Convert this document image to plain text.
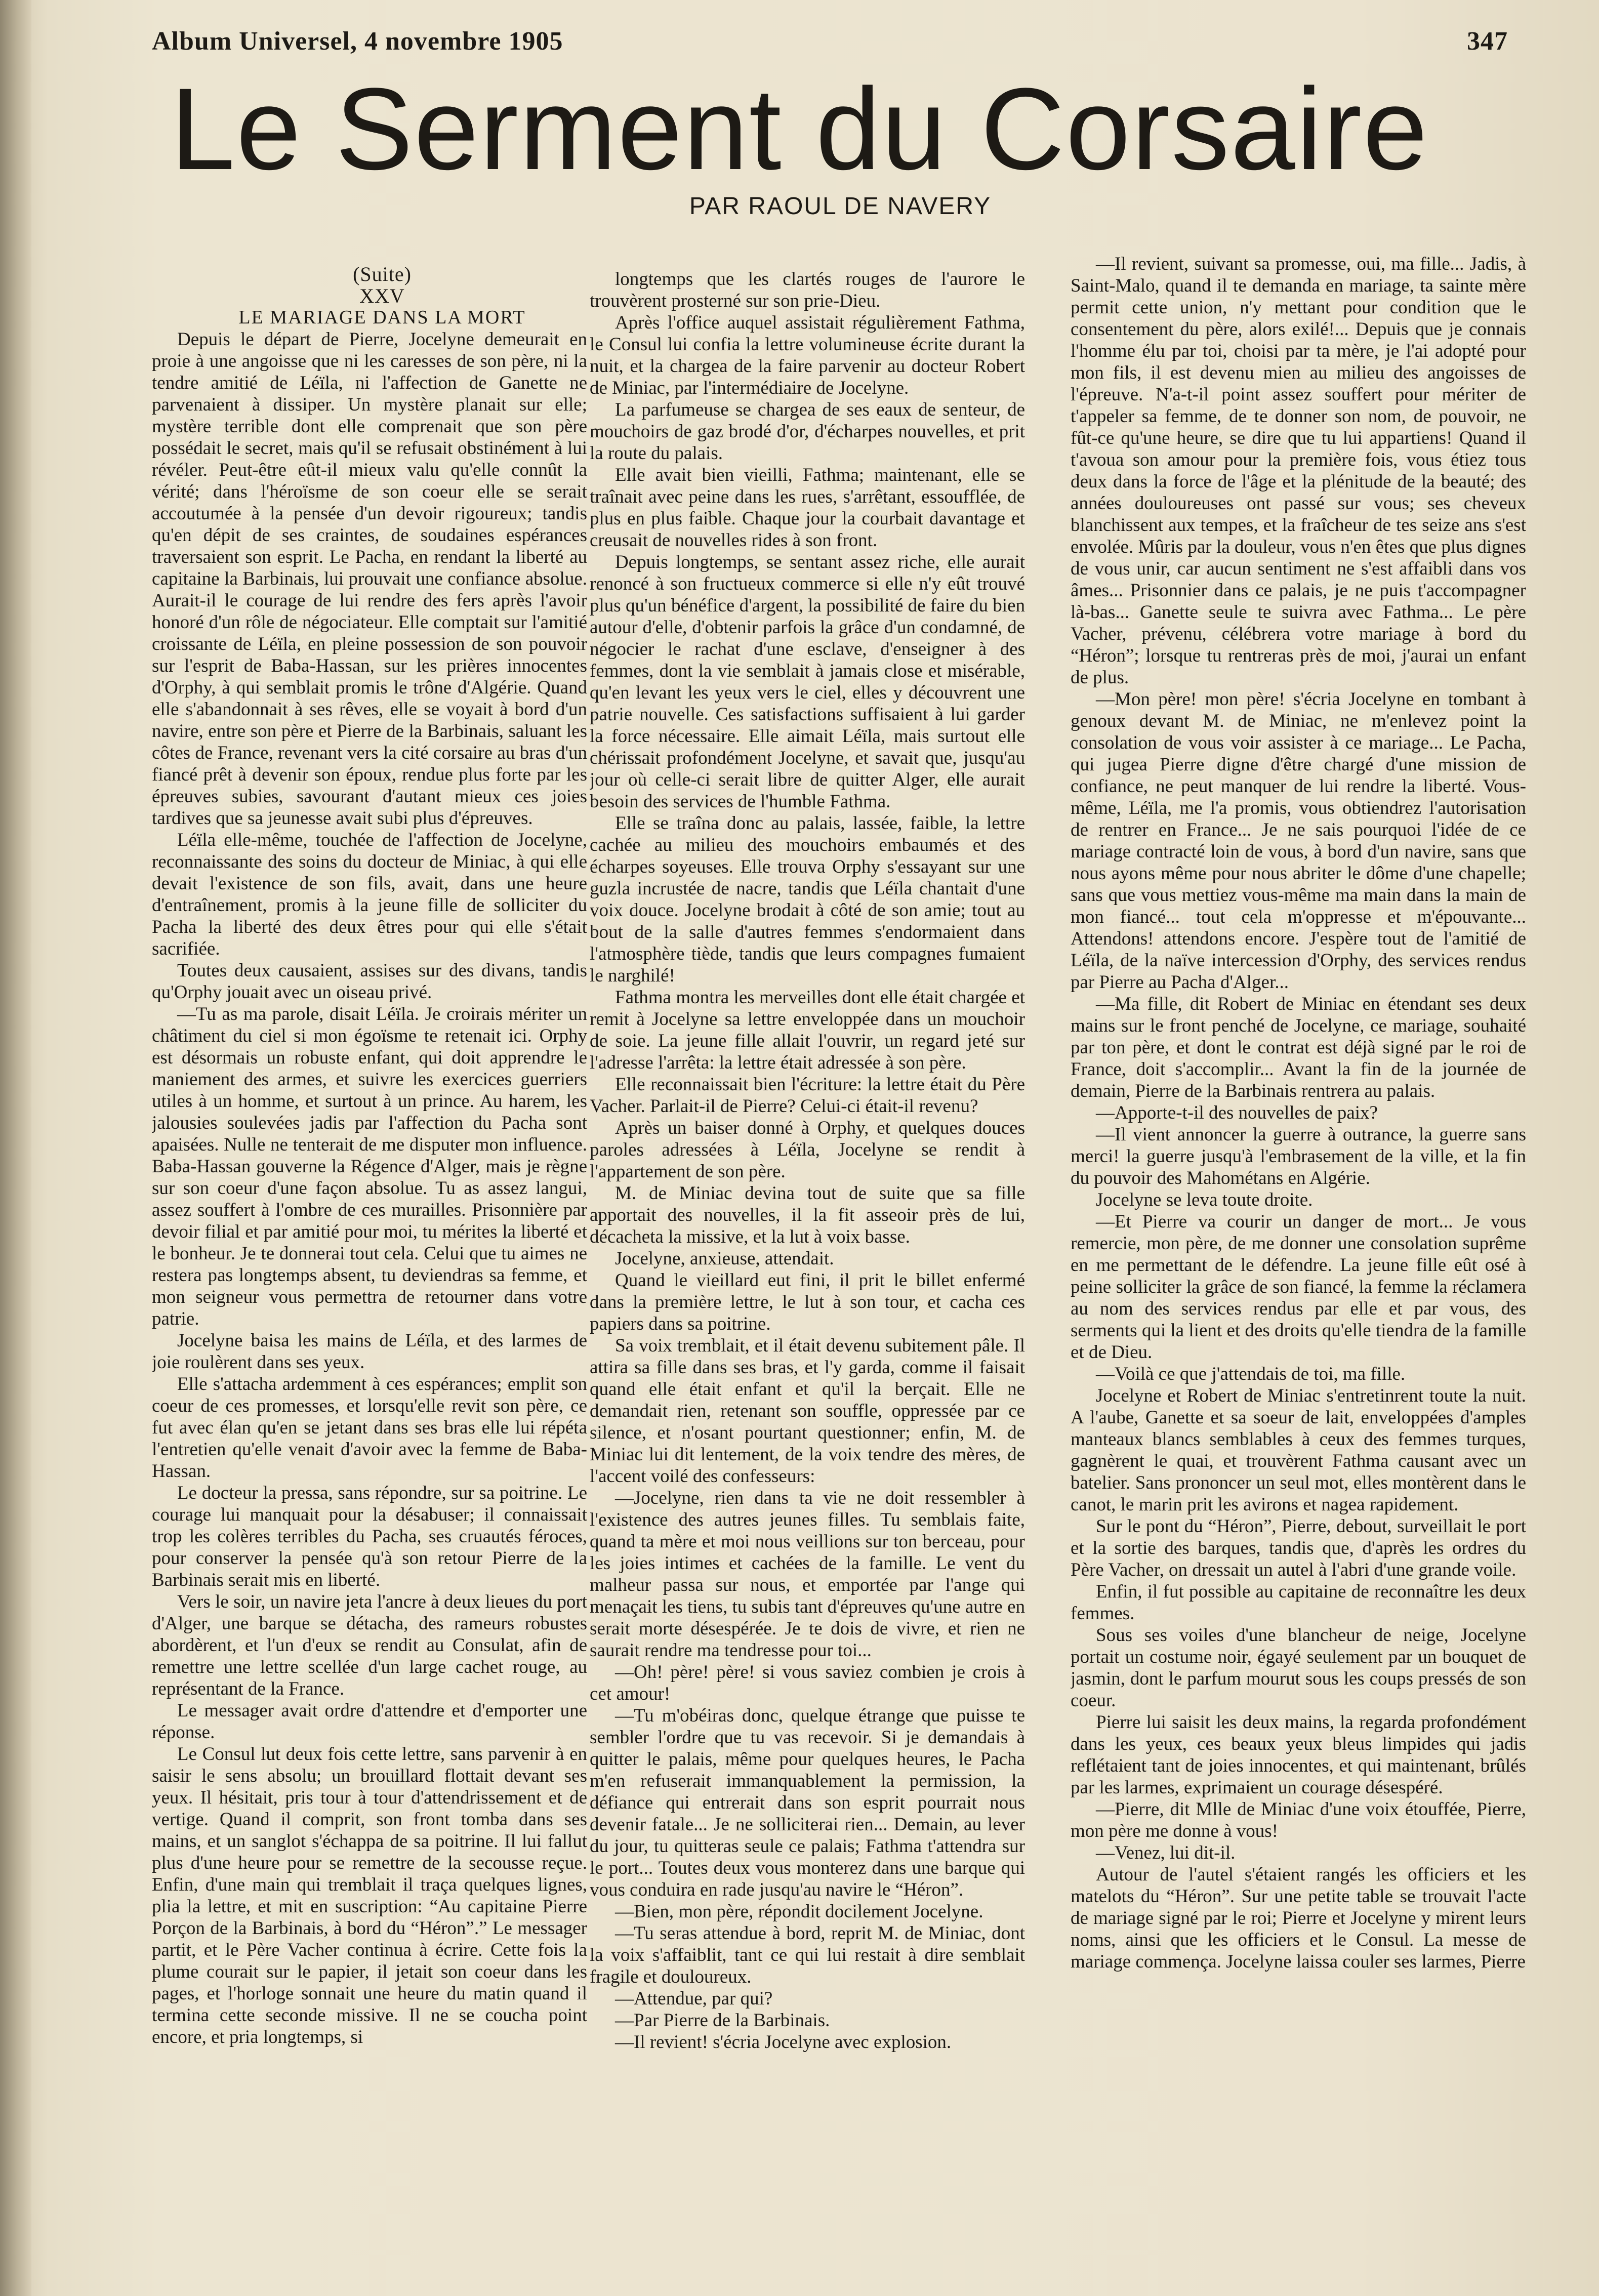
Album Universel, 4 novembre 1905	347
Le Serment du Corsaire
PAR RAOUL DE NAVERY

(Suite)

XXV

LE MARIAGE DANS LA MORT

Depuis le départ de Pierre, Jocelyne demeurait en proie à une angoisse que ni les caresses de son père, ni la tendre amitié de Léïla, ni l'affection de Ganette ne parvenaient à dissiper. Un mystère planait sur elle; mystère terrible dont elle comprenait que son père possédait le secret, mais qu'il se refusait obstinément à lui révéler. Peut-être eût-il mieux valu qu'elle connût la vérité; dans l'héroïsme de son coeur elle se serait accoutumée à la pensée d'un devoir rigoureux; tandis qu'en dépit de ses craintes, de soudaines espérances traversaient son esprit. Le Pacha, en rendant la liberté au capitaine la Barbinais, lui prouvait une confiance absolue. Aurait-il le courage de lui rendre des fers après l'avoir honoré d'un rôle de négociateur. Elle comptait sur l'amitié croissante de Léïla, en pleine possession de son pouvoir sur l'esprit de Baba-Hassan, sur les prières innocentes d'Orphy, à qui semblait promis le trône d'Algérie. Quand elle s'abandonnait à ses rêves, elle se voyait à bord d'un navire, entre son père et Pierre de la Barbinais, saluant les côtes de France, revenant vers la cité corsaire au bras d'un fiancé prêt à devenir son époux, rendue plus forte par les épreuves subies, savourant d'autant mieux ces joies tardives que sa jeunesse avait subi plus d'épreuves.

Léïla elle-même, touchée de l'affection de Jocelyne, reconnaissante des soins du docteur de Miniac, à qui elle devait l'existence de son fils, avait, dans une heure d'entraînement, promis à la jeune fille de solliciter du Pacha la liberté des deux êtres pour qui elle s'était sacrifiée.

Toutes deux causaient, assises sur des divans, tandis qu'Orphy jouait avec un oiseau privé.

—Tu as ma parole, disait Léïla. Je croirais mériter un châtiment du ciel si mon égoïsme te retenait ici. Orphy est désormais un robuste enfant, qui doit apprendre le maniement des armes, et suivre les exercices guerriers utiles à un homme, et surtout à un prince. Au harem, les jalousies soulevées jadis par l'affection du Pacha sont apaisées. Nulle ne tenterait de me disputer mon influence. Baba-Hassan gouverne la Régence d'Alger, mais je règne sur son coeur d'une façon absolue. Tu as assez langui, assez souffert à l'ombre de ces murailles. Prisonnière par devoir filial et par amitié pour moi, tu mérites la liberté et le bonheur. Je te donnerai tout cela. Celui que tu aimes ne restera pas longtemps absent, tu deviendras sa femme, et mon seigneur vous permettra de retourner dans votre patrie.

Jocelyne baisa les mains de Léïla, et des larmes de joie roulèrent dans ses yeux.

Elle s'attacha ardemment à ces espérances; emplit son coeur de ces promesses, et lorsqu'elle revit son père, ce fut avec élan qu'en se jetant dans ses bras elle lui répéta l'entretien qu'elle venait d'avoir avec la femme de Baba-Hassan.

Le docteur la pressa, sans répondre, sur sa poitrine. Le courage lui manquait pour la désabuser; il connaissait trop les colères terribles du Pacha, ses cruautés féroces, pour conserver la pensée qu'à son retour Pierre de la Barbinais serait mis en liberté.

Vers le soir, un navire jeta l'ancre à deux lieues du port d'Alger, une barque se détacha, des rameurs robustes abordèrent, et l'un d'eux se rendit au Consulat, afin de remettre une lettre scellée d'un large cachet rouge, au représentant de la France.

Le messager avait ordre d'attendre et d'emporter une réponse.

Le Consul lut deux fois cette lettre, sans parvenir à en saisir le sens absolu; un brouillard flottait devant ses yeux. Il hésitait, pris tour à tour d'attendrissement et de vertige. Quand il comprit, son front tomba dans ses mains, et un sanglot s'échappa de sa poitrine. Il lui fallut plus d'une heure pour se remettre de la secousse reçue. Enfin, d'une main qui tremblait il traça quelques lignes, plia la lettre, et mit en suscription: “Au capitaine Pierre Porçon de la Barbinais, à bord du “Héron”.” Le messager partit, et le Père Vacher continua à écrire. Cette fois la plume courait sur le papier, il jetait son coeur dans les pages, et l'horloge sonnait une heure du matin quand il termina cette seconde missive. Il ne se coucha point encore, et pria longtemps, si

longtemps que les clartés rouges de l'aurore le trouvèrent prosterné sur son prie-Dieu.

Après l'office auquel assistait régulièrement Fathma, le Consul lui confia la lettre volumineuse écrite durant la nuit, et la chargea de la faire parvenir au docteur Robert de Miniac, par l'intermédiaire de Jocelyne.

La parfumeuse se chargea de ses eaux de senteur, de mouchoirs de gaz brodé d'or, d'écharpes nouvelles, et prit la route du palais.

Elle avait bien vieilli, Fathma; maintenant, elle se traînait avec peine dans les rues, s'arrêtant, essoufflée, de plus en plus faible. Chaque jour la courbait davantage et creusait de nouvelles rides à son front.

Depuis longtemps, se sentant assez riche, elle aurait renoncé à son fructueux commerce si elle n'y eût trouvé plus qu'un bénéfice d'argent, la possibilité de faire du bien autour d'elle, d'obtenir parfois la grâce d'un condamné, de négocier le rachat d'une esclave, d'enseigner à des femmes, dont la vie semblait à jamais close et misérable, qu'en levant les yeux vers le ciel, elles y découvrent une patrie nouvelle. Ces satisfactions suffisaient à lui garder la force nécessaire. Elle aimait Léïla, mais surtout elle chérissait profondément Jocelyne, et savait que, jusqu'au jour où celle-ci serait libre de quitter Alger, elle aurait besoin des services de l'humble Fathma.

Elle se traîna donc au palais, lassée, faible, la lettre cachée au milieu des mouchoirs embaumés et des écharpes soyeuses. Elle trouva Orphy s'essayant sur une guzla incrustée de nacre, tandis que Léïla chantait d'une voix douce. Jocelyne brodait à côté de son amie; tout au bout de la salle d'autres femmes s'endormaient dans l'atmosphère tiède, tandis que leurs compagnes fumaient le narghilé!

Fathma montra les merveilles dont elle était chargée et remit à Jocelyne sa lettre enveloppée dans un mouchoir de soie. La jeune fille allait l'ouvrir, un regard jeté sur l'adresse l'arrêta: la lettre était adressée à son père.

Elle reconnaissait bien l'écriture: la lettre était du Père Vacher. Parlait-il de Pierre? Celui-ci était-il revenu?

Après un baiser donné à Orphy, et quelques douces paroles adressées à Léïla, Jocelyne se rendit à l'appartement de son père.

M. de Miniac devina tout de suite que sa fille apportait des nouvelles, il la fit asseoir près de lui, décacheta la missive, et la lut à voix basse.

Jocelyne, anxieuse, attendait.

Quand le vieillard eut fini, il prit le billet enfermé dans la première lettre, le lut à son tour, et cacha ces papiers dans sa poitrine.

Sa voix tremblait, et il était devenu subitement pâle. Il attira sa fille dans ses bras, et l'y garda, comme il faisait quand elle était enfant et qu'il la berçait. Elle ne demandait rien, retenant son souffle, oppressée par ce silence, et n'osant pourtant questionner; enfin, M. de Miniac lui dit lentement, de la voix tendre des mères, de l'accent voilé des confesseurs:

—Jocelyne, rien dans ta vie ne doit ressembler à l'existence des autres jeunes filles. Tu semblais faite, quand ta mère et moi nous veillions sur ton berceau, pour les joies intimes et cachées de la famille. Le vent du malheur passa sur nous, et emportée par l'ange qui menaçait les tiens, tu subis tant d'épreuves qu'une autre en serait morte désespérée. Je te dois de vivre, et rien ne saurait rendre ma tendresse pour toi...

—Oh! père! père! si vous saviez combien je crois à cet amour!

—Tu m'obéiras donc, quelque étrange que puisse te sembler l'ordre que tu vas recevoir. Si je demandais à quitter le palais, même pour quelques heures, le Pacha m'en refuserait immanquablement la permission, la défiance qui entrerait dans son esprit pourrait nous devenir fatale... Je ne solliciterai rien... Demain, au lever du jour, tu quitteras seule ce palais; Fathma t'attendra sur le port... Toutes deux vous monterez dans une barque qui vous conduira en rade jusqu'au navire le “Héron”.

—Bien, mon père, répondit docilement Jocelyne.

—Tu seras attendue à bord, reprit M. de Miniac, dont la voix s'affaiblit, tant ce qui lui restait à dire semblait fragile et douloureux.

—Attendue, par qui?

—Par Pierre de la Barbinais.

—Il revient! s'écria Jocelyne avec explosion.

—Il revient, suivant sa promesse, oui, ma fille... Jadis, à Saint-Malo, quand il te demanda en mariage, ta sainte mère permit cette union, n'y mettant pour condition que le consentement du père, alors exilé!... Depuis que je connais l'homme élu par toi, choisi par ta mère, je l'ai adopté pour mon fils, il est devenu mien au milieu des angoisses de l'épreuve. N'a-t-il point assez souffert pour mériter de t'appeler sa femme, de te donner son nom, de pouvoir, ne fût-ce qu'une heure, se dire que tu lui appartiens! Quand il t'avoua son amour pour la première fois, vous étiez tous deux dans la force de l'âge et la plénitude de la beauté; des années douloureuses ont passé sur vous; ses cheveux blanchissent aux tempes, et la fraîcheur de tes seize ans s'est envolée. Mûris par la douleur, vous n'en êtes que plus dignes de vous unir, car aucun sentiment ne s'est affaibli dans vos âmes... Prisonnier dans ce palais, je ne puis t'accompagner là-bas... Ganette seule te suivra avec Fathma... Le père Vacher, prévenu, célébrera votre mariage à bord du “Héron”; lorsque tu rentreras près de moi, j'aurai un enfant de plus.

—Mon père! mon père! s'écria Jocelyne en tombant à genoux devant M. de Miniac, ne m'enlevez point la consolation de vous voir assister à ce mariage... Le Pacha, qui jugea Pierre digne d'être chargé d'une mission de confiance, ne peut manquer de lui rendre la liberté. Vous-même, Léïla, me l'a promis, vous obtiendrez l'autorisation de rentrer en France... Je ne sais pourquoi l'idée de ce mariage contracté loin de vous, à bord d'un navire, sans que nous ayons même pour nous abriter le dôme d'une chapelle; sans que vous mettiez vous-même ma main dans la main de mon fiancé... tout cela m'oppresse et m'épouvante... Attendons! attendons encore. J'espère tout de l'amitié de Léïla, de la naïve intercession d'Orphy, des services rendus par Pierre au Pacha d'Alger...

—Ma fille, dit Robert de Miniac en étendant ses deux mains sur le front penché de Jocelyne, ce mariage, souhaité par ton père, et dont le contrat est déjà signé par le roi de France, doit s'accomplir... Avant la fin de la journée de demain, Pierre de la Barbinais rentrera au palais.

—Apporte-t-il des nouvelles de paix?

—Il vient annoncer la guerre à outrance, la guerre sans merci! la guerre jusqu'à l'embrasement de la ville, et la fin du pouvoir des Mahométans en Algérie.

Jocelyne se leva toute droite.

—Et Pierre va courir un danger de mort... Je vous remercie, mon père, de me donner une consolation suprême en me permettant de le défendre. La jeune fille eût osé à peine solliciter la grâce de son fiancé, la femme la réclamera au nom des services rendus par elle et par vous, des serments qui la lient et des droits qu'elle tiendra de la famille et de Dieu.

—Voilà ce que j'attendais de toi, ma fille.

Jocelyne et Robert de Miniac s'entretinrent toute la nuit. A l'aube, Ganette et sa soeur de lait, enveloppées d'amples manteaux blancs semblables à ceux des femmes turques, gagnèrent le quai, et trouvèrent Fathma causant avec un batelier. Sans prononcer un seul mot, elles montèrent dans le canot, le marin prit les avirons et nagea rapidement.

Sur le pont du “Héron”, Pierre, debout, surveillait le port et la sortie des barques, tandis que, d'après les ordres du Père Vacher, on dressait un autel à l'abri d'une grande voile.

Enfin, il fut possible au capitaine de reconnaître les deux femmes.

Sous ses voiles d'une blancheur de neige, Jocelyne portait un costume noir, égayé seulement par un bouquet de jasmin, dont le parfum mourut sous les coups pressés de son coeur.

Pierre lui saisit les deux mains, la regarda profondément dans les yeux, ces beaux yeux bleus limpides qui jadis reflétaient tant de joies innocentes, et qui maintenant, brûlés par les larmes, exprimaient un courage désespéré.

—Pierre, dit Mlle de Miniac d'une voix étouffée, Pierre, mon père me donne à vous!

—Venez, lui dit-il.

Autour de l'autel s'étaient rangés les officiers et les matelots du “Héron”. Sur une petite table se trouvait l'acte de mariage signé par le roi; Pierre et Jocelyne y mirent leurs noms, ainsi que les officiers et le Consul. La messe de mariage commença. Jocelyne laissa couler ses larmes, Pierre
